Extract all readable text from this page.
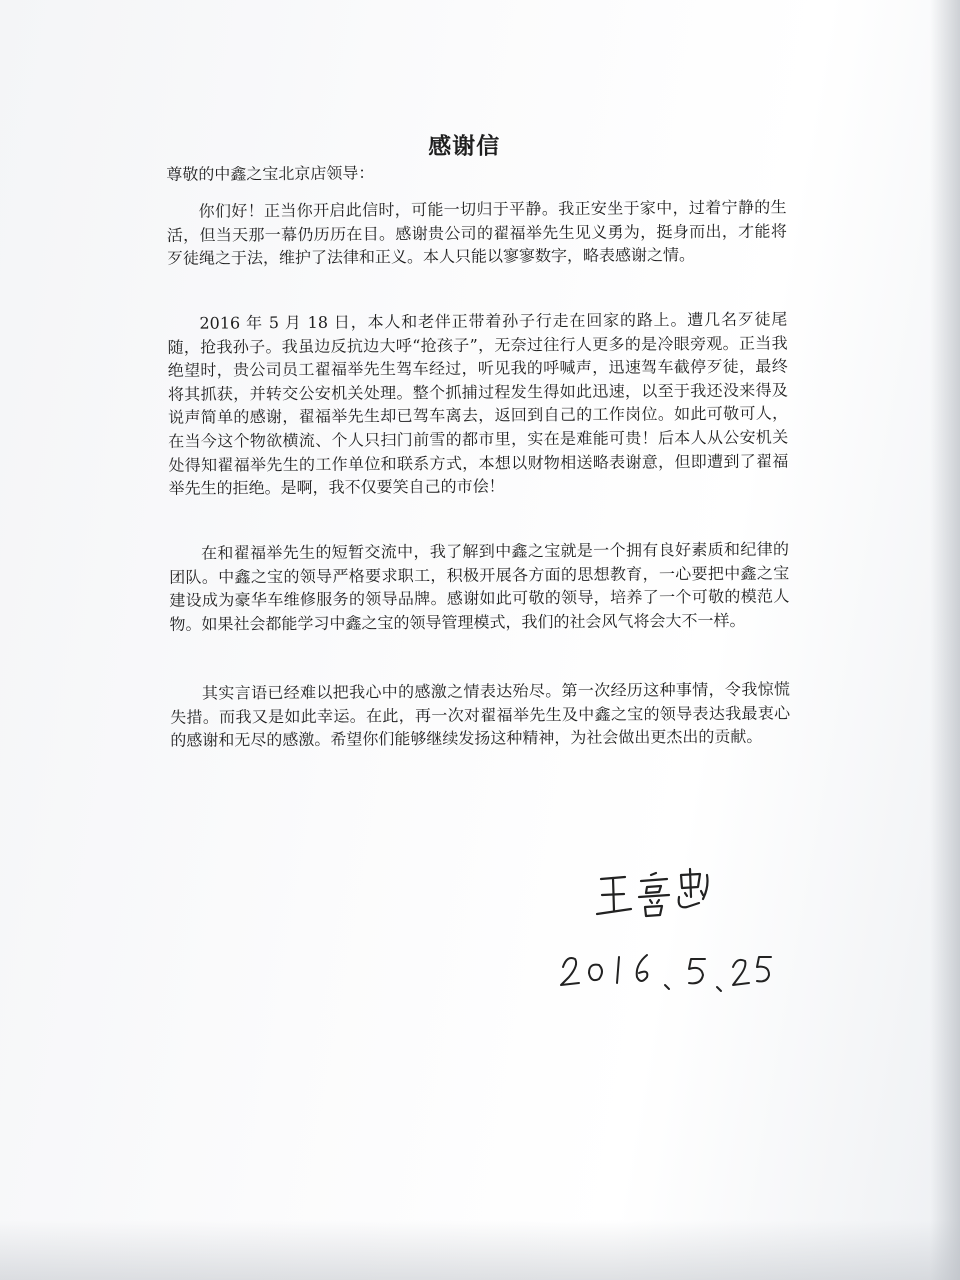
感谢信

尊敬的中鑫之宝北京店领导：

你们好！正当你开启此信时，可能一切归于平静。我正安坐于家中，过着宁静的生活，但当天那一幕仍历历在目。感谢贵公司的翟福举先生见义勇为，挺身而出，才能将歹徒绳之于法，维护了法律和正义。本人只能以寥寥数字，略表感谢之情。

2016 年 5 月 18 日，本人和老伴正带着孙子行走在回家的路上。遭几名歹徒尾随，抢我孙子。我虽边反抗边大呼“抢孩子”，无奈过往行人更多的是冷眼旁观。正当我绝望时，贵公司员工翟福举先生驾车经过，听见我的呼喊声，迅速驾车截停歹徒，最终将其抓获，并转交公安机关处理。整个抓捕过程发生得如此迅速，以至于我还没来得及说声简单的感谢，翟福举先生却已驾车离去，返回到自己的工作岗位。如此可敬可人，在当今这个物欲横流、个人只扫门前雪的都市里，实在是难能可贵！后本人从公安机关处得知翟福举先生的工作单位和联系方式，本想以财物相送略表谢意，但即遭到了翟福举先生的拒绝。是啊，我不仅要笑自己的市侩！

在和翟福举先生的短暂交流中，我了解到中鑫之宝就是一个拥有良好素质和纪律的团队。中鑫之宝的领导严格要求职工，积极开展各方面的思想教育，一心要把中鑫之宝建设成为豪华车维修服务的领导品牌。感谢如此可敬的领导，培养了一个可敬的模范人物。如果社会都能学习中鑫之宝的领导管理模式，我们的社会风气将会大不一样。

其实言语已经难以把我心中的感激之情表达殆尽。第一次经历这种事情，令我惊慌失措。而我又是如此幸运。在此，再一次对翟福举先生及中鑫之宝的领导表达我最衷心的感谢和无尽的感激。希望你们能够继续发扬这种精神，为社会做出更杰出的贡献。
